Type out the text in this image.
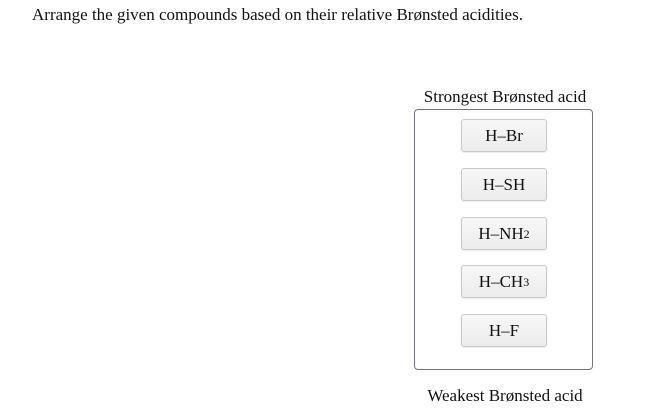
Arrange the given compounds based on their relative Brønsted acidities.
Strongest Brønsted acid
H–Br
H–SH
H–NH 2
H–CH 3
H–F
Weakest Brønsted acid
